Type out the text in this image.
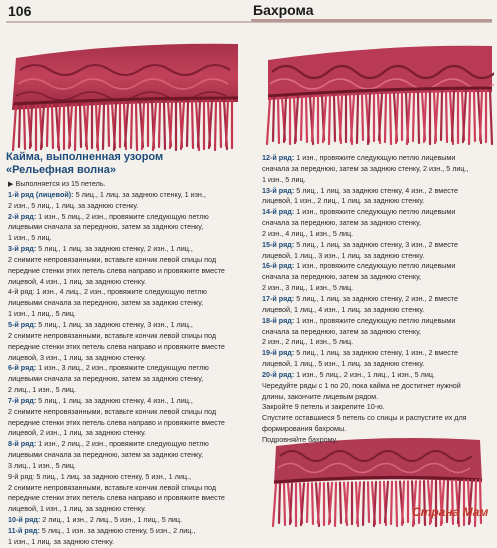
106	Бахрома
Кайма, выполненная узором
«Рельефная волна»
▶ Выполняется из 15 петель.
1-й ряд (лицевой): 5 лиц., 1 лиц. за заднюю стенку, 1 изн.,
2 изн., 5 лиц., 1 лиц. за заднюю стенку.
2-й ряд: 1 изн., 5 лиц., 2 изн., провяжите следующую петлю
лицевыми сначала за переднюю, затем за заднюю стенку,
1 изн., 5 лиц.
3-й ряд: 5 лиц., 1 лиц. за заднюю стенку, 2 изн., 1 лиц.,
2 снимите непровязанными, вставьте кончик левой спицы под
передние стенки этих петель слева направо и провяжите вместе
лицевой, 4 изн., 1 лиц. за заднюю стенку.
4-й ряд: 1 изн., 4 лиц., 2 изн., провяжите следующую петлю
лицевыми сначала за переднюю, затем за заднюю стенку,
1 изн., 1 лиц., 5 лиц.
5-й ряд: 5 лиц., 1 лиц. за заднюю стенку, 3 изн., 1 лиц.,
2 снимите непровязанными, вставьте кончик левой спицы под
передние стенки этих петель слева направо и провяжите вместе
лицевой, 3 изн., 1 лиц. за заднюю стенку.
6-й ряд: 1 изн., 3 лиц., 2 изн., провяжите следующую петлю
лицевыми сначала за переднюю, затем за заднюю стенку,
2 лиц., 1 изн., 5 лиц.
7-й ряд: 5 лиц., 1 лиц. за заднюю стенку, 4 изн., 1 лиц.,
2 снимите непровязанными, вставьте кончик левой спицы под
передние стенки этих петель слева направо и провяжите вместе
лицевой, 2 изн., 1 лиц. за заднюю стенку.
8-й ряд: 1 изн., 2 лиц., 2 изн., провяжите следующую петлю
лицевыми сначала за переднюю, затем за заднюю стенку,
3 лиц., 1 изн., 5 лиц.
9-й ряд: 5 лиц., 1 лиц. за заднюю стенку, 5 изн., 1 лиц.,
2 снимите непровязанными, вставьте кончик левой спицы под
передние стенки этих петель слева направо и провяжите вместе
лицевой, 1 изн., 1 лиц. за заднюю стенку.
10-й ряд: 2 лиц., 1 изн., 2 лиц., 5 изн., 1 лиц., 5 лиц.
11-й ряд: 5 лиц., 1 изн. за заднюю стенку, 5 изн., 2 лиц.,
1 изн., 1 лиц. за заднюю стенку.
12-й ряд: 1 изн., провяжите следующую петлю лицевыми
сначала за переднюю, затем за заднюю стенку, 2 изн., 5 лиц.,
1 изн., 5 лиц.
13-й ряд: 5 лиц., 1 лиц. за заднюю стенку, 4 изн., 2 вместе
лицевой, 1 изн., 2 лиц., 1 лиц. за заднюю стенку.
14-й ряд: 1 изн., провяжите следующую петлю лицевыми
сначала за переднюю, затем за заднюю стенку,
2 изн., 4 лиц., 1 изн., 5 лиц.
15-й ряд: 5 лиц., 1 лиц. за заднюю стенку, 3 изн., 2 вместе
лицевой, 1 лиц., 3 изн., 1 лиц. за заднюю стенку.
16-й ряд: 1 изн., провяжите следующую петлю лицевыми
сначала за переднюю, затем за заднюю стенку,
2 изн., 3 лиц., 1 изн., 5 лиц.
17-й ряд: 5 лиц., 1 лиц. за заднюю стенку, 2 изн., 2 вместе
лицевой, 1 лиц., 4 изн., 1 лиц. за заднюю стенку.
18-й ряд: 1 изн., провяжите следующую петлю лицевыми
сначала за переднюю, затем за заднюю стенку,
2 изн., 2 лиц., 1 изн., 5 лиц.
19-й ряд: 5 лиц., 1 лиц. за заднюю стенку, 1 изн., 2 вместе
лицевой, 1 лиц., 5 изн., 1 лиц. за заднюю стенку.
20-й ряд: 1 изн., 5 лиц., 2 изн., 1 лиц., 1 изн., 5 лиц.
Чередуйте ряды с 1 по 20, пока кайма не достигнет нужной
длины, закончите лицевым рядом.
Закройте 9 петель и закрепите 10-ю.
Спустите оставшиеся 5 петель со спицы и распустите их для
формирования бахромы.
Подровняйте бахрому.
Страна Мам
